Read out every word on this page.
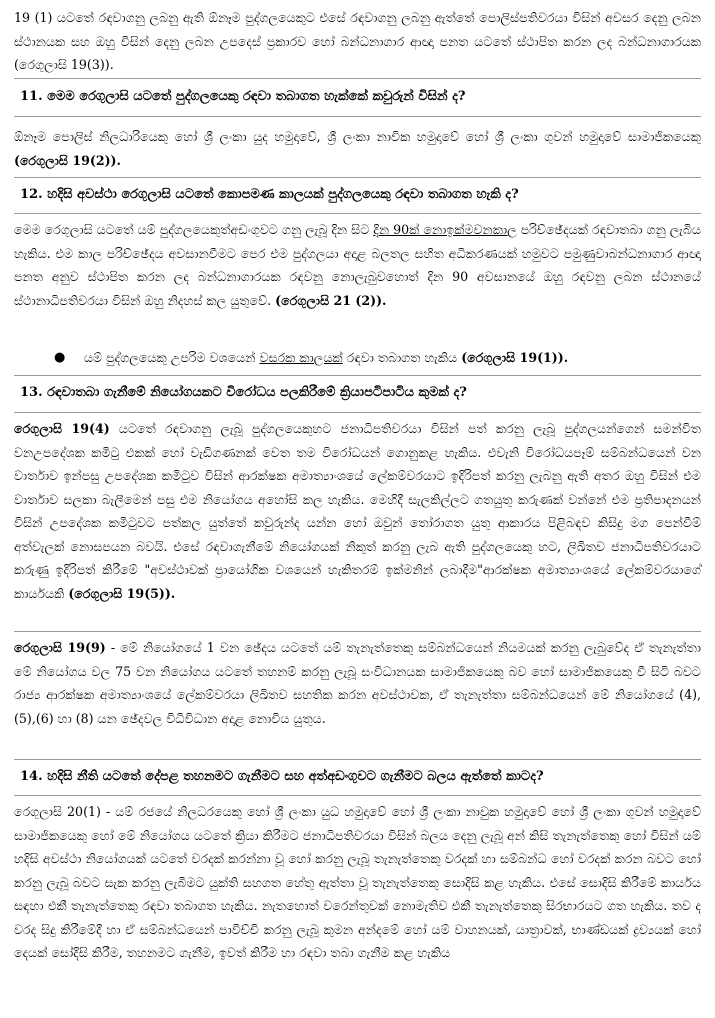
19 (1) යටතේ රඳවාගනු ලබනු ඇති ඕනෑම පුද්ගලයෙකුට එසේ රඳවාගනු ලබනු ඇත්තේ පොලිස්පතිවරයා විසින් අවසර දෙනු ලබන ස්ථානයක සහ ඔහු විසින් දෙනු ලබන උපදෙස් ප්‍රකාරව හෝ බන්ධනාගාර ආඥා පනත යටතේ ස්ථාපිත කරන ලද බන්ධනාගාරයක (රෙගුලාසි 19(3)).

11. මෙම රෙගුලාසි යටතේ පුද්ගලයෙකු රඳවා තබාගත හැක්කේ කවුරුන් විසින් ද?

ඕනෑම පොලිස් නිලධාරියෙකු හෝ ශ්‍රී ලංකා යුද හමුදාවේ, ශ්‍රී ලංකා නාවික හමුදාවේ හෝ ශ්‍රී ලංකා ගුවන් හමුදාවේ සාමාජිකයෙකු (රෙගුලාසි 19(2)).

12. හදිසි අවස්ථා රෙගුලාසි යටතේ කොපමණ කාලයක් පුද්ගලයෙකු රඳවා තබාගත හැකි ද?

මෙම රෙගුලාසි යටතේ යම් පුද්ගලයෙකුත්අඩංගුවට ගනු ලැබූ දින සිට දින 90ක් නොඉක්මවනකාල පරිච්ඡේදයක් රඳවාතබා ගනු ලැබිය හැකිය. එම කාල පරිච්ඡේදය අවසානවීමට පෙර එම පුද්ගලයා අදාළ බලතල සහිත අධිකරණයක් හමුවට පමුණුවාබන්ධනාගාර ආඥා පනත අනුව ස්ථාපිත කරන ලද බන්ධනාගාරයක රඳවනු නොලැබුවහොත් දින 90 අවසානයේ ඔහු රඳවනු ලබන ස්ථානයේ ස්ථානාධිපතිවරයා විසින් ඔහු නිදහස් කල යුතුවේ. (රෙගුලාසි 21 (2)).

●	යම් පුද්ගලයෙකු උපරිම වශයෙන් වසරක කාලයක් රඳවා තබාගත හැකිය (රෙගුලාසි 19(1)).

13. රඳවාතබා ගැනීමේ නියෝගයකට විරෝධය පලකිරීමේ ක්‍රියාපටිපාටිය කුමක් ද?

රෙගුලාසි 19(4) යටතේ රඳවාගනු ලැබූ පුද්ගලයෙකුහට ජනාධිපතිවරයා විසින් පත් කරනු ලැබූ පුද්ගලයන්ගෙන් සමන්විත වනඋපදේශක කමිටු එකක් හෝ වැඩිගණනක් වෙත තම විරෝධයන් ගොනුකළ හැකිය. එවැනි විරෝධයපෑම් සම්බන්ධයෙන් වන වාර්තාව ඉන්පසු උපදේශක කමිටුව විසින් ආරක්ෂක අමාත්‍යාංශයේ ලේකම්වරයාට ඉදිරිපත් කරනු ලැබනු ඇති අතර ඔහු විසින් එම වාර්තාව සලකා බැලීමෙන් පසු එම නියෝගය අහෝසි කල හැකිය. මෙහිදී සැලකිල්ලට ගතයුතු කරුණක් වන්නේ එම ප්‍රතිපාදනයන් විසින් උපදේශක කමිටුවට පත්කල යුත්තේ කවුරුන්ද යන්න හෝ ඔවුන් තෝරාගත යුතු ආකාරය පිළිබඳව කිසිදු මග පෙන්වීම් අත්වැලක් නොසපයන බවයි. එසේ රඳවාගැනීමේ නියෝගයක් නිකුත් කරනු ලැබ ඇති පුද්ගලයෙකු හට, ලිඛිතව ජනාධිපතිවරයාට කරුණු ඉදිරිපත් කිරීමේ "අවස්ථාවක් ප්‍රායෝගික වශයෙන් හැකිතරම් ඉක්මනින් ලබාදීම"ආරක්ෂක අමාත්‍යාංශයේ ලේකම්වරයාගේ කාර්යයකි (රෙගුලාසි 19(5)).

රෙගුලාසි 19(9) - මේ නියෝගයේ 1 වන ඡේදය යටතේ යම් තැනැත්තෙකු සම්බන්ධයෙන් නියමයක් කරනු ලැබුවේද ඒ තැනැත්තා මේ නියෝගය වල 75 වන නියෝගය යටතේ තහනම් කරනු ලැබූ සංවිධානයක සාමාජිකයෙකු බව හෝ සාමාජිකයෙකු වී සිටි බවට රාජ්‍ය ආරක්ෂක අමාත්‍යාංශයේ ලේකම්වරයා ලිඛිතව සහතික කරන අවස්ථාවක, ඒ තැනැත්තා සම්බන්ධයෙන් මේ නියෝගයේ (4),(5),(6) හා (8) යන ඡේදවල විධිවිධාන අදාළ නොවිය යුතුය.

14. හදිසි නීති යටතේ දේපළ තහනමට ගැනීමට සහ අත්අඩංගුවට ගැනීමට බලය ඇත්තේ කාටද?

රෙගුලාසි 20(1) - යම් රජයේ නිලධරයෙකු හෝ ශ්‍රී ලංකා යුධ හමුදාවේ හෝ ශ්‍රී ලංකා නාවුක හමුදාවේ හෝ ශ්‍රී ලංකා ගුවන් හමුදාවේ සාමාජිකයෙකු හෝ මේ නියෝගය යටතේ ක්‍රියා කිරීමට ජනාධිපතිවරයා විසින් බලය දෙනු ලැබූ අන් කිසි තැනැත්තෙකු හෝ විසින් යම් හදිසි අවස්ථා නියෝගයක් යටතේ වරදක් කරන්නා වූ හෝ කරනු ලැබූ තැනැත්තෙකු වරදක් හා සම්බන්ධ හෝ වරදක් කරන බවට හෝ කරනු ලැබූ බවට සැක කරනු ලැබීමට යුක්ති සහගත හේතු ඇත්තා වූ තැනැත්තෙකු සොදිසි කළ හැකිය. එසේ සොදිසි කිරීමේ කාර්යය සඳහා එකී තැනැත්තෙකු රඳවා තබාගත හැකිය. නැතහොත් වරෙන්තුවක් නොමැතිව එකී තැනැත්තෙකු සිරභාරයට ගත හැකිය. තව ද වරද සිදු කිරීමේදී හා ඒ සම්බන්ධයෙන් පාවිච්චි කරනු ලැබූ කුමන අන්දමේ හෝ යම් වාහනයක්, යාත්‍රාවක්, භාණ්ඩයක් ද්‍රව්‍යයක් හෝ දෙයක් සෝදිසි කිරීම, තහනමට ගැනීම, ඉවත් කිරීම හා රඳවා තබා ගැනීම කළ හැකිය
